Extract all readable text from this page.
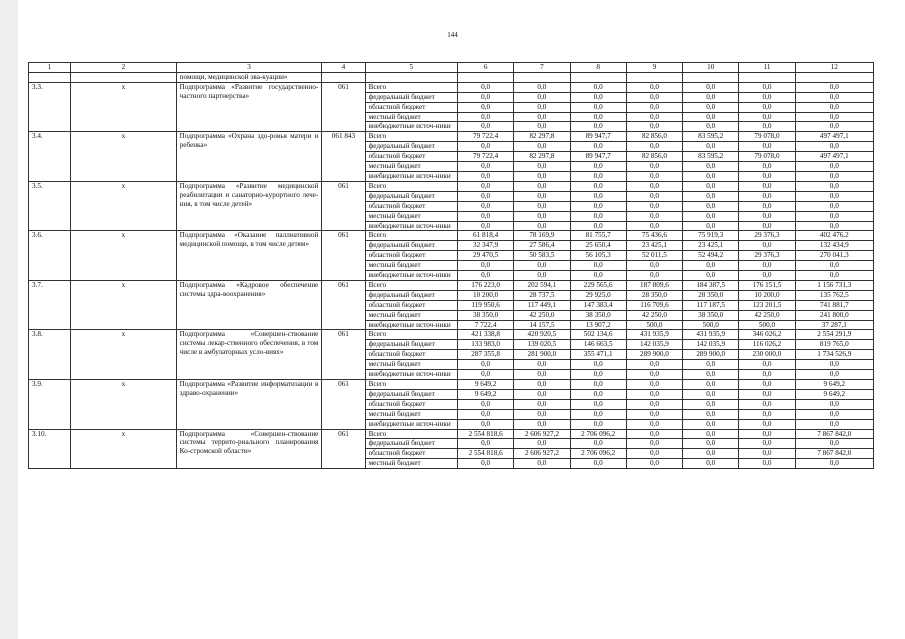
144
1	2	3	4	5	6	7	8	9	10	11	12
		помощи, медицинской эва-куации»									
3.3.	x	Подпрограмма «Развитие государственно-частного партнерства»	061	Всего	0,0	0,0	0,0	0,0	0,0	0,0	0,0
				федеральный бюджет	0,0	0,0	0,0	0,0	0,0	0,0	0,0
				областной бюджет	0,0	0,0	0,0	0,0	0,0	0,0	0,0
				местный бюджет	0,0	0,0	0,0	0,0	0,0	0,0	0,0
				внебюджетные источ-ники	0,0	0,0	0,0	0,0	0,0	0,0	0,0
3.4.	x	Подпрограмма «Охрана здо-ровья матери и ребенка»	061 843	Всего	79 722,4	82 297,8	89 947,7	82 856,0	83 595,2	79 078,0	497 497,1
				федеральный бюджет	0,0	0,0	0,0	0,0	0,0	0,0	0,0
				областной бюджет	79 722,4	82 297,8	89 947,7	82 856,0	83 595,2	79 078,0	497 497,1
				местный бюджет	0,0	0,0	0,0	0,0	0,0	0,0	0,0
				внебюджетные источ-ники	0,0	0,0	0,0	0,0	0,0	0,0	0,0
3.5.	x	Подпрограмма «Развитие медицинской реабилитации и санаторно-курортного лече-ния, в том числе детей»	061	Всего	0,0	0,0	0,0	0,0	0,0	0,0	0,0
				федеральный бюджет	0,0	0,0	0,0	0,0	0,0	0,0	0,0
				областной бюджет	0,0	0,0	0,0	0,0	0,0	0,0	0,0
				местный бюджет	0,0	0,0	0,0	0,0	0,0	0,0	0,0
				внебюджетные источ-ники	0,0	0,0	0,0	0,0	0,0	0,0	0,0
3.6.	x	Подпрограмма «Оказание паллиативной медицинской помощи, в том числе детям»	061	Всего	61 818,4	78 169,9	81 755,7	75 436,6	75 919,3	29 376,3	402 476,2
				федеральный бюджет	32 347,9	27 586,4	25 650,4	23 425,1	23 425,1	0,0	132 434,9
				областной бюджет	29 470,5	50 583,5	56 105,3	52 011,5	52 494,2	29 376,3	270 041,3
				местный бюджет	0,0	0,0	0,0	0,0	0,0	0,0	0,0
				внебюджетные источ-ники	0,0	0,0	0,0	0,0	0,0	0,0	0,0
3.7.	x	Подпрограмма «Кадровое обеспечение системы здра-воохранения»	061	Всего	176 223,0	202 594,1	229 565,6	187 809,6	184 387,5	176 151,5	1 156 731,3
				федеральный бюджет	10 200,0	28 737,5	29 925,0	28 350,0	28 350,0	10 200,0	135 762,5
				областной бюджет	119 950,6	117 449,1	147 383,4	116 709,6	117 187,5	123 201,5	741 881,7
				местный бюджет	38 350,0	42 250,0	38 350,0	42 250,0	38 350,0	42 250,0	241 800,0
				внебюджетные источ-ники	7 722,4	14 157,5	13 907,2	500,0	500,0	500,0	37 287,1
3.8.	x	Подпрограмма «Совершен-ствование системы лекар-ственного обеспечения, в том числе в амбулаторных усло-виях»	061	Всего	421 338,8	420 920,5	502 134,6	431 935,9	431 935,9	346 026,2	2 554 291,9
				федеральный бюджет	133 983,0	139 020,5	146 663,5	142 035,9	142 035,9	116 026,2	819 765,0
				областной бюджет	287 355,8	281 900,0	355 471,1	289 900,0	289 900,0	230 000,0	1 734 526,9
				местный бюджет	0,0	0,0	0,0	0,0	0,0	0,0	0,0
				внебюджетные источ-ники	0,0	0,0	0,0	0,0	0,0	0,0	0,0
3.9.	x	Подпрограмма «Развитие информатизации в здраво-охранении»	061	Всего	9 649,2	0,0	0,0	0,0	0,0	0,0	9 649,2
				федеральный бюджет	9 649,2	0,0	0,0	0,0	0,0	0,0	9 649,2
				областной бюджет	0,0	0,0	0,0	0,0	0,0	0,0	0,0
				местный бюджет	0,0	0,0	0,0	0,0	0,0	0,0	0,0
				внебюджетные источ-ники	0,0	0,0	0,0	0,0	0,0	0,0	0,0
3.10.	x	Подпрограмма «Совершен-ствование системы террито-риального планирования Ко-стромской области»	061	Всего	2 554 818,6	2 606 927,2	2 706 096,2	0,0	0,0	0,0	7 867 842,0
				федеральный бюджет	0,0	0,0	0,0	0,0	0,0	0,0	0,0
				областной бюджет	2 554 818,6	2 606 927,2	2 706 096,2	0,0	0,0	0,0	7 867 842,0
				местный бюджет	0,0	0,0	0,0	0,0	0,0	0,0	0,0
